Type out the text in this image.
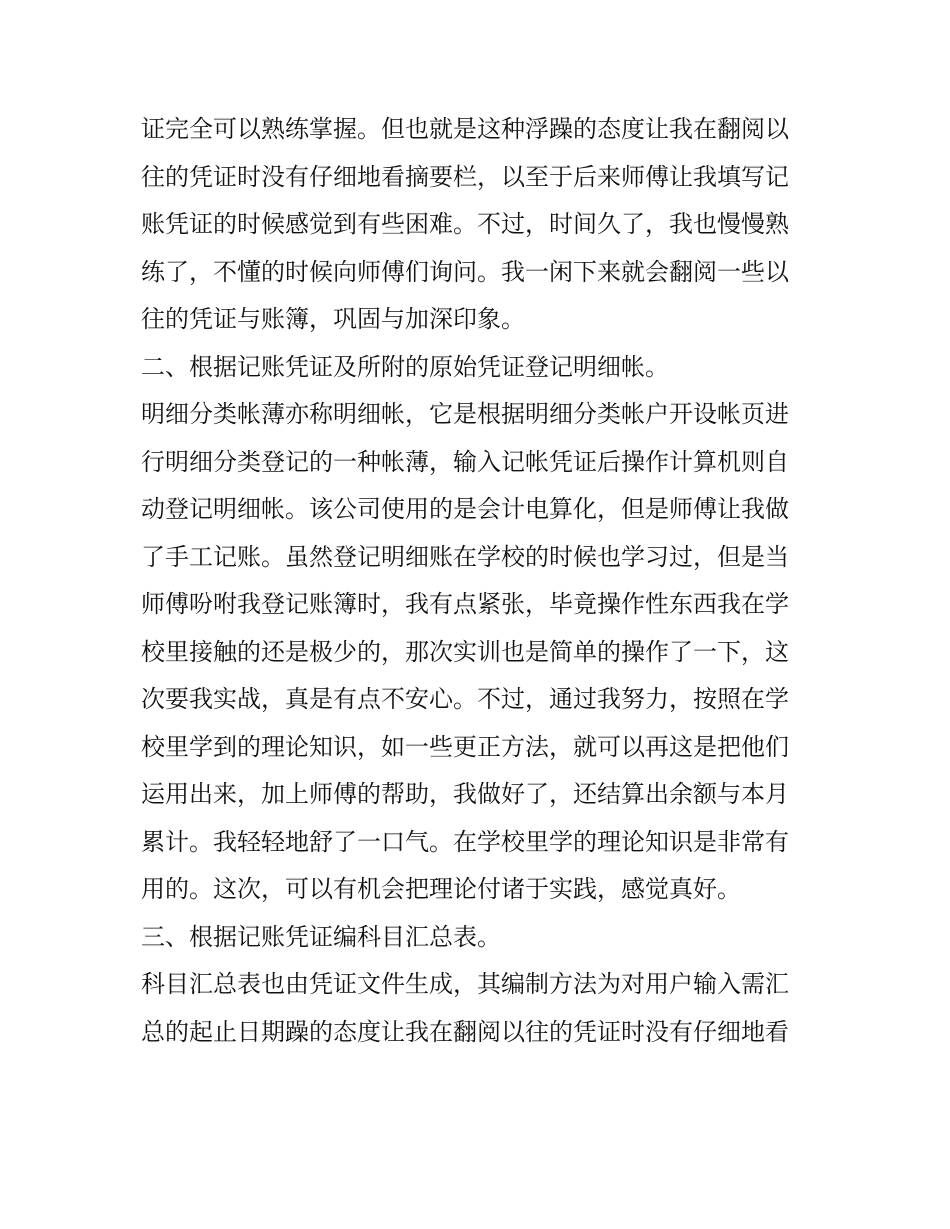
证完全可以熟练掌握。但也就是这种浮躁的态度让我在翻阅以
往的凭证时没有仔细地看摘要栏，以至于后来师傅让我填写记
账凭证的时候感觉到有些困难。不过，时间久了，我也慢慢熟
练了，不懂的时候向师傅们询问。我一闲下来就会翻阅一些以
往的凭证与账簿，巩固与加深印象。
二、根据记账凭证及所附的原始凭证登记明细帐。
明细分类帐薄亦称明细帐，它是根据明细分类帐户开设帐页进
行明细分类登记的一种帐薄，输入记帐凭证后操作计算机则自
动登记明细帐。该公司使用的是会计电算化，但是师傅让我做
了手工记账。虽然登记明细账在学校的时候也学习过，但是当
师傅吩咐我登记账簿时，我有点紧张，毕竟操作性东西我在学
校里接触的还是极少的，那次实训也是简单的操作了一下，这
次要我实战，真是有点不安心。不过，通过我努力，按照在学
校里学到的理论知识，如一些更正方法，就可以再这是把他们
运用出来，加上师傅的帮助，我做好了，还结算出余额与本月
累计。我轻轻地舒了一口气。在学校里学的理论知识是非常有
用的。这次，可以有机会把理论付诸于实践，感觉真好。
三、根据记账凭证编科目汇总表。
科目汇总表也由凭证文件生成，其编制方法为对用户输入需汇
总的起止日期躁的态度让我在翻阅以往的凭证时没有仔细地看
